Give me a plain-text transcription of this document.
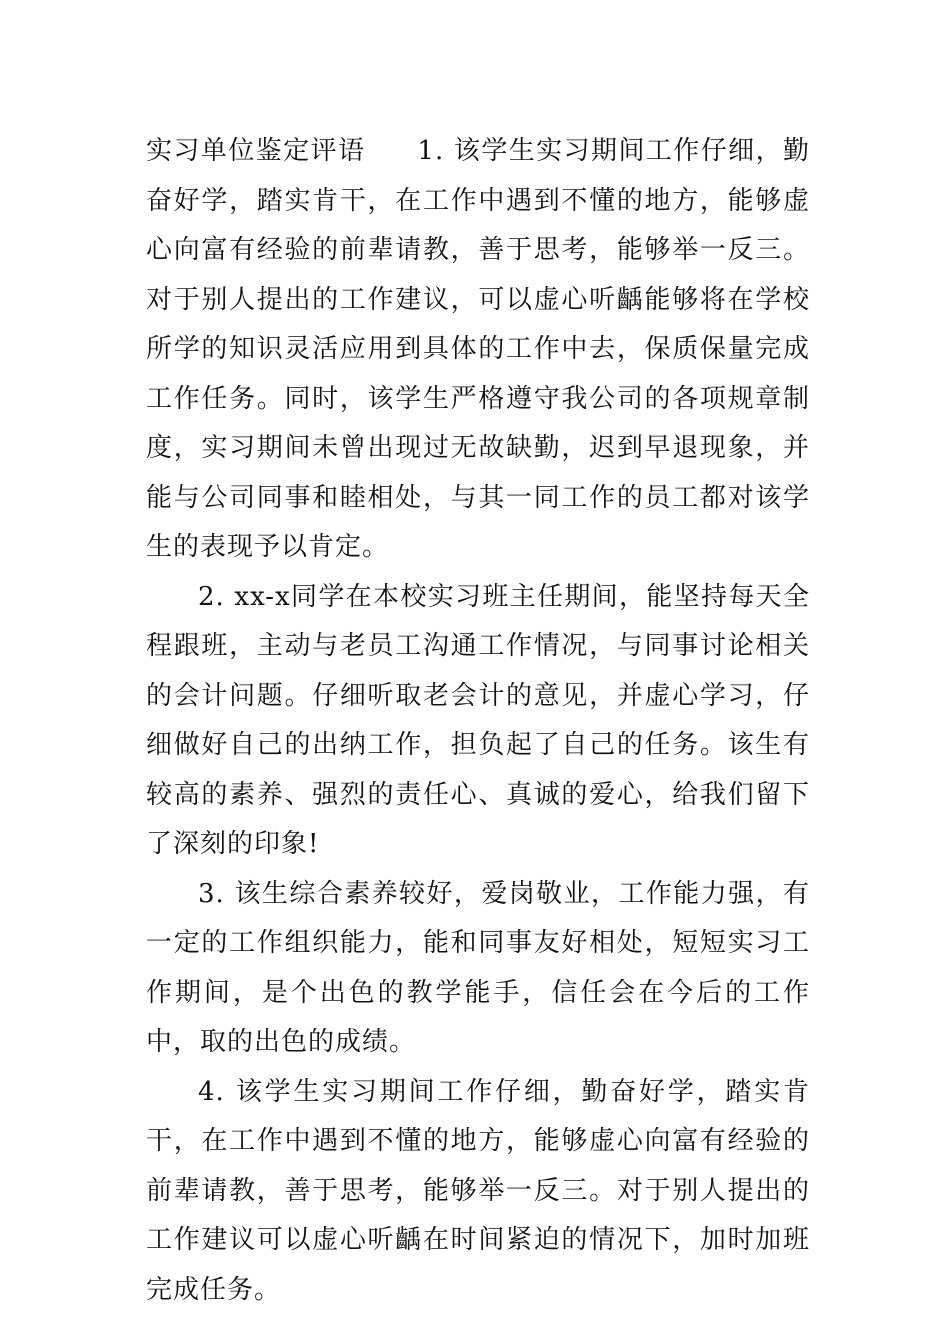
实习单位鉴定评语 1. 该学生实习期间工作仔细，勤奋好学，踏实肯干，在工作中遇到不懂的地方，能够虚心向富有经验的前辈请教，善于思考，能够举一反三。对于别人提出的工作建议，可以虚心听齲能够将在学校所学的知识灵活应用到具体的工作中去，保质保量完成工作任务。同时，该学生严格遵守我公司的各项规章制度，实习期间未曾出现过无故缺勤，迟到早退现象，并能与公司同事和睦相处，与其一同工作的员工都对该学生的表现予以肯定。

2. xx-x同学在本校实习班主任期间，能坚持每天全程跟班，主动与老员工沟通工作情况，与同事讨论相关的会计问题。仔细听取老会计的意见，并虚心学习，仔细做好自己的出纳工作，担负起了自己的任务。该生有较高的素养、强烈的责任心、真诚的爱心，给我们留下了深刻的印象!

3. 该生综合素养较好，爱岗敬业，工作能力强，有一定的工作组织能力，能和同事友好相处，短短实习工作期间，是个出色的教学能手，信任会在今后的工作中，取的出色的成绩。

4. 该学生实习期间工作仔细，勤奋好学，踏实肯干，在工作中遇到不懂的地方，能够虚心向富有经验的前辈请教，善于思考，能够举一反三。对于别人提出的工作建议可以虚心听齲在时间紧迫的情况下，加时加班完成任务。
